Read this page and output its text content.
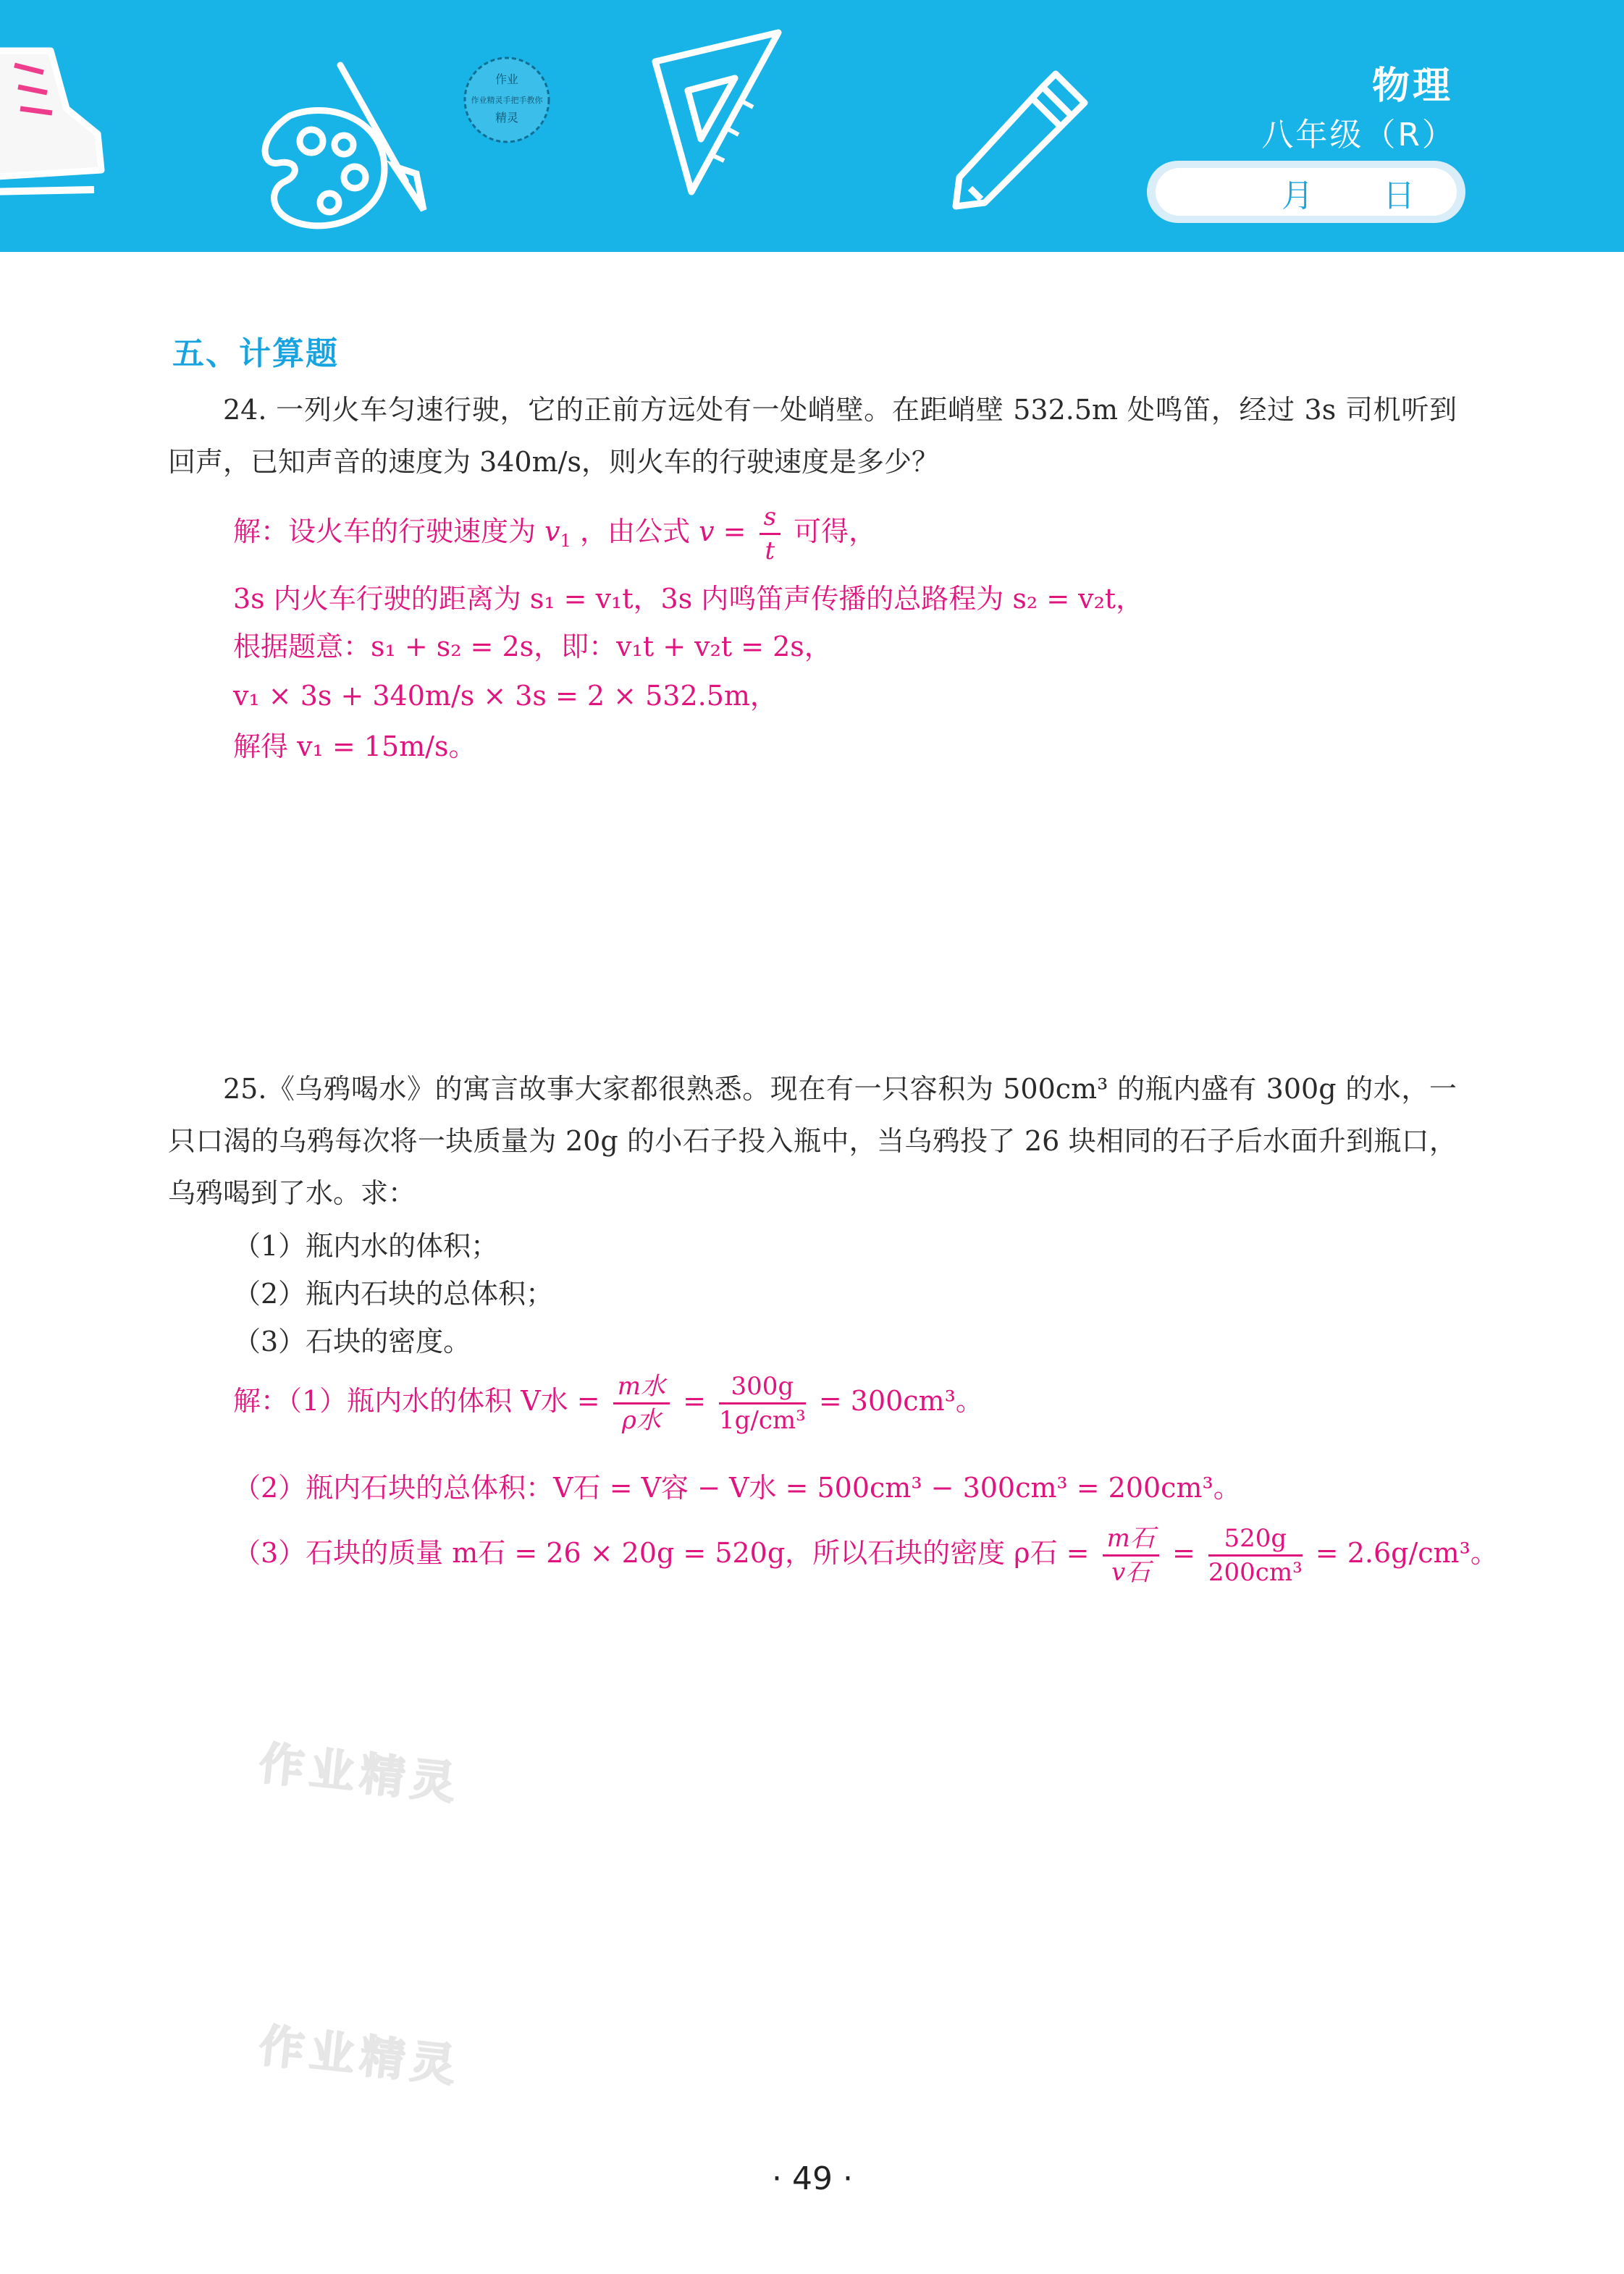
作业
作业精灵手把手教你
精灵
物理
八年级（R）
月 日
五、计算题
24. 一列火车匀速行驶，它的正前方远处有一处峭壁。在距峭壁 532.5m 处鸣笛，经过 3s 司机听到回声，已知声音的速度为 340m/s，则火车的行驶速度是多少？
解：设火车的行驶速度为 $v_1$ ，由公式 $v = \frac{s}{t}$ 可得，
3s 内火车行驶的距离为 s₁ = v₁t，3s 内鸣笛声传播的总路程为 s₂ = v₂t，
根据题意：s₁ + s₂ = 2s，即：v₁t + v₂t = 2s，
v₁ × 3s + 340m/s × 3s = 2 × 532.5m，
解得 v₁ = 15m/s。
25.《乌鸦喝水》的寓言故事大家都很熟悉。现在有一只容积为 500cm³ 的瓶内盛有 300g 的水，一只口渴的乌鸦每次将一块质量为 20g 的小石子投入瓶中，当乌鸦投了 26 块相同的石子后水面升到瓶口，乌鸦喝到了水。求：
（1）瓶内水的体积；
（2）瓶内石块的总体积；
（3）石块的密度。
解：（1）瓶内水的体积 V水 = $\frac{\text{m水}}{\text{ρ水}} = \frac{300g}{\text{1g/cm³}} = 300cm^3$。
（2）瓶内石块的总体积：V石 = V容 − V水 = 500cm³ − 300cm³ = 200cm³。
（3）石块的质量 m石 = 26 × 20g = 520g，所以石块的密度 ρ石 = $\frac{\text{m石}}{\text{v石}} = \frac{520g}{\text{200cm³}} = 2.6g/cm^3$。
作业精灵
作业精灵
· 49 ·
